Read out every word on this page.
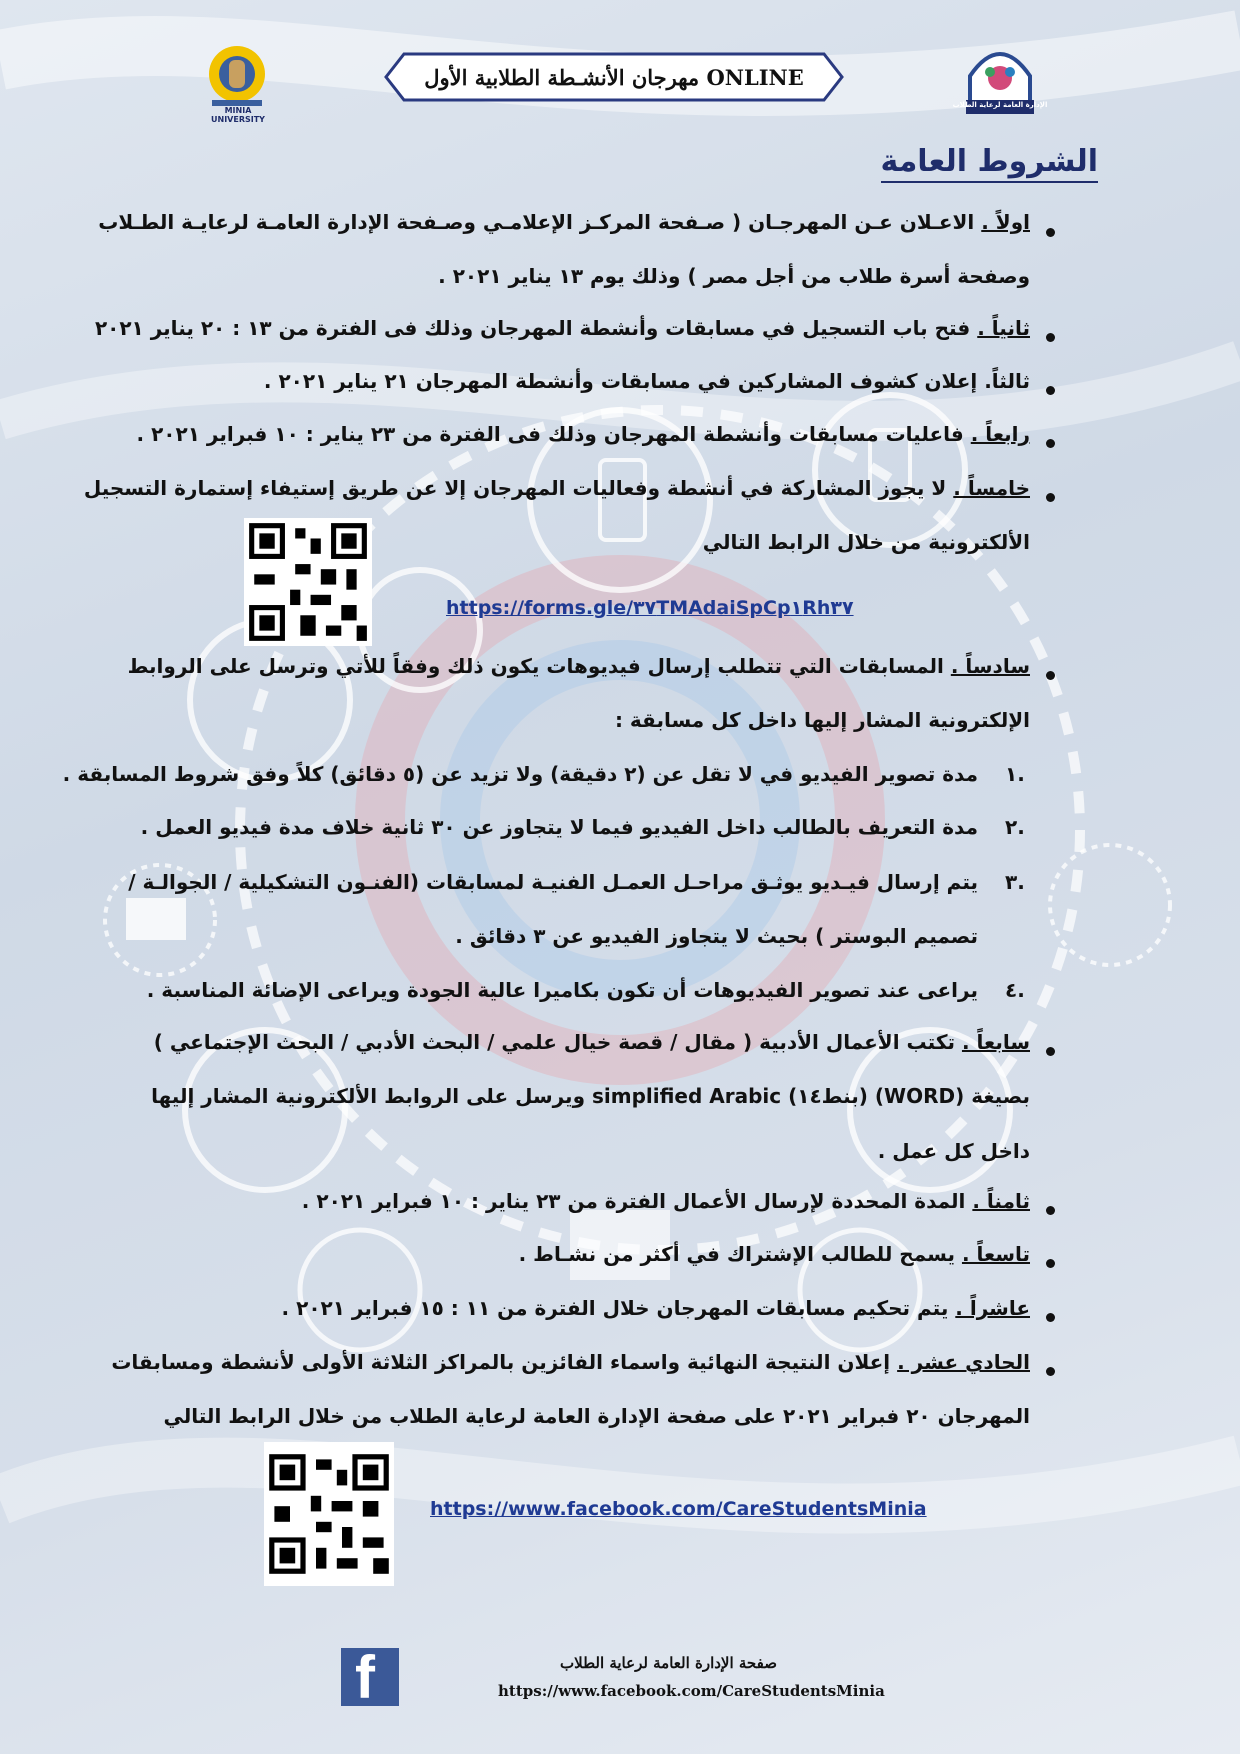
MINIA UNIVERSITY
مهرجان الأنشـطة الطلابية الأول ONLINE
الإدارة العامة لرعاية الطلاب
الشروط العامة
اولاً . الاعـلان عـن المهرجـان ( صـفحة المركـز الإعلامـي وصـفحة الإدارة العامـة لرعايـة الطـلاب
وصفحة أسرة طلاب من أجل مصر ) وذلك يوم ١٣ يناير ٢٠٢١ .
ثانياً . فتح باب التسجيل في مسابقات وأنشطة المهرجان وذلك فى الفترة من ١٣ : ٢٠ يناير ٢٠٢١
ثالثاً. إعلان كشوف المشاركين في مسابقات وأنشطة المهرجان ٢١ يناير ٢٠٢١ .
رابعاً . فاعليات مسابقات وأنشطة المهرجان وذلك فى الفترة من ٢٣ يناير : ١٠ فبراير ٢٠٢١ .
خامساً . لا يجوز المشاركة في أنشطة وفعاليات المهرجان إلا عن طريق إستيفاء إستمارة التسجيل
الألكترونية من خلال الرابط التالي
https://forms.gle/٣٧TMAdaiSpCp١Rh٣٧
سادساً . المسابقات التي تتطلب إرسال فيديوهات يكون ذلك وفقاً للأتي وترسل على الروابط
الإلكترونية المشار إليها داخل كل مسابقة :
١.
مدة تصوير الفيديو في لا تقل عن (٢ دقيقة) ولا تزيد عن (٥ دقائق) كلاً وفق شروط المسابقة .
٢.
مدة التعريف بالطالب داخل الفيديو فيما لا يتجاوز عن ٣٠ ثانية خلاف مدة فيديو العمل .
٣.
يتم إرسال فيـديو يوثـق مراحـل العمـل الفنيـة لمسابقات (الفنـون التشكيلية / الجوالـة /
تصميم البوستر ) بحيث لا يتجاوز الفيديو عن ٣ دقائق .
٤.
يراعى عند تصوير الفيديوهات أن تكون بكاميرا عالية الجودة ويراعى الإضائة المناسبة .
سابعاً . تكتب الأعمال الأدبية ( مقال / قصة خيال علمي / البحث الأدبي / البحث الإجتماعي )
بصيغة (WORD) (بنط١٤) simplified Arabic ويرسل على الروابط الألكترونية المشار إليها
داخل كل عمل .
ثامناً . المدة المحددة لإرسال الأعمال الفترة من ٢٣ يناير : ١٠ فبراير ٢٠٢١ .
تاسعاً . يسمح للطالب الإشتراك في أكثر من نشـاط .
عاشراً . يتم تحكيم مسابقات المهرجان خلال الفترة من ١١ : ١٥ فبراير ٢٠٢١ .
الحادي عشر . إعلان النتيجة النهائية واسماء الفائزين بالمراكز الثلاثة الأولى لأنشطة ومسابقات
المهرجان ٢٠ فبراير ٢٠٢١ على صفحة الإدارة العامة لرعاية الطلاب من خلال الرابط التالي
https://www.facebook.com/CareStudentsMinia
f	صفحة الإدارة العامة لرعاية الطلاب
https://www.facebook.com/CareStudentsMinia
